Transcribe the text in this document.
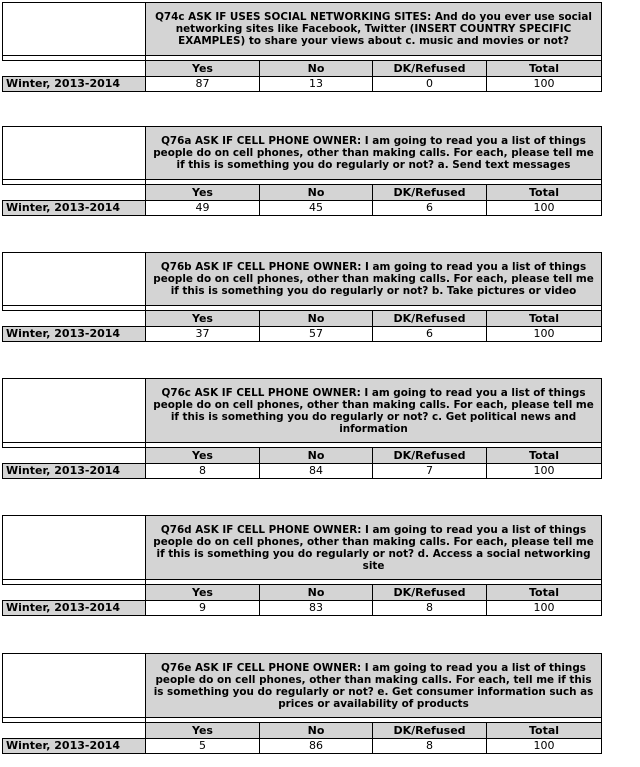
	Q74c ASK IF USES SOCIAL NETWORKING SITES: And do you ever use social networking sites like Facebook, Twitter (INSERT COUNTRY SPECIFIC EXAMPLES) to share your views about c. music and movies or not?			

	Yes	No	DK/Refused	Total
Winter, 2013-2014	87	13	0	100
	Q76a ASK IF CELL PHONE OWNER: I am going to read you a list of things people do on cell phones, other than making calls. For each, please tell me if this is something you do regularly or not? a. Send text messages			

	Yes	No	DK/Refused	Total
Winter, 2013-2014	49	45	6	100
	Q76b ASK IF CELL PHONE OWNER: I am going to read you a list of things people do on cell phones, other than making calls. For each, please tell me if this is something you do regularly or not? b. Take pictures or video			

	Yes	No	DK/Refused	Total
Winter, 2013-2014	37	57	6	100
	Q76c ASK IF CELL PHONE OWNER: I am going to read you a list of things people do on cell phones, other than making calls. For each, please tell me if this is something you do regularly or not? c. Get political news and information			

	Yes	No	DK/Refused	Total
Winter, 2013-2014	8	84	7	100
	Q76d ASK IF CELL PHONE OWNER: I am going to read you a list of things people do on cell phones, other than making calls. For each, please tell me if this is something you do regularly or not? d. Access a social networking site			

	Yes	No	DK/Refused	Total
Winter, 2013-2014	9	83	8	100
	Q76e ASK IF CELL PHONE OWNER: I am going to read you a list of things people do on cell phones, other than making calls. For each, tell me if this is something you do regularly or not? e. Get consumer information such as prices or availability of products			

	Yes	No	DK/Refused	Total
Winter, 2013-2014	5	86	8	100
